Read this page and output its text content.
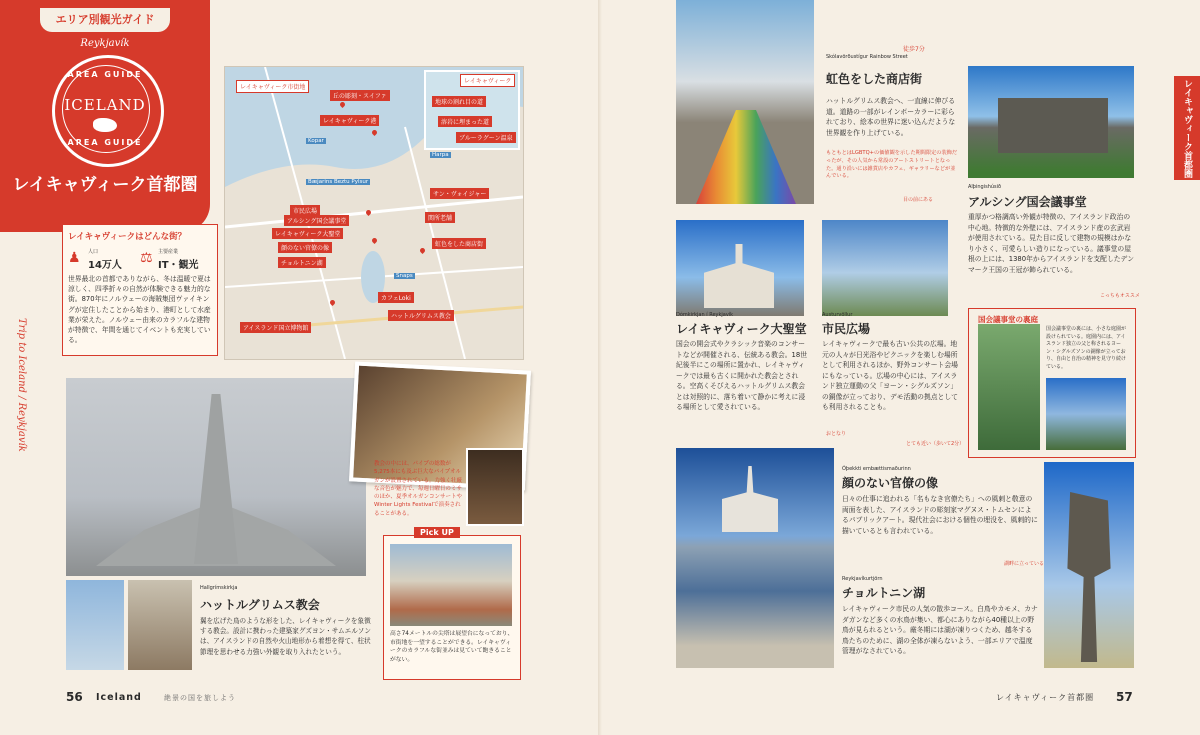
エリア別観光ガイド
Reykjavík
AREA GUIDE
ICELAND
AREA GUIDE
レイキャヴィーク首都圏
Trip to Iceland / Reykjavík
レイキャヴィーク市街地
レイキャヴィーク
地球の割れ目の道
溶岩に埋まった道
ブルーラグーン温泉
丘の彫刻・スイファ
レイキャヴィーク港
サン・ヴォイジャー
市民広場
アルシング国会議事堂
レイキャヴィーク大聖堂
顔のない官僚の像
チョルトニン湖
関所老舗
虹色をした商店街
カフェLoki
ハットルグリムス教会
アイスランド国立博物館
Kopar
Harpa
Bæjarins Beztu Pylsur
Snaps
レイキャヴィークはどんな街？
♟ 人口
14万人 ⚖ 主要産業
IT・観光
世界最北の首都でありながら、冬は温暖で夏は涼しく、四季折々の自然が体験できる魅力的な街。870年にノルウェーの海賊集団ヴァイキングが定住したことから始まり、港町として水産業が栄えた。ノルウェー由来のカラフルな建物が特徴で、年間を通じてイベントも充実している。
教会の中には、パイプの総数が5,275本にも及ぶ巨大なパイプオルガンが設置されている。力強く壮厳な音色が魅力で、毎週日曜日のミサのほか、夏季オルガンコンサートやWinter Lights Festivalで演奏されることがある。
Pick UP
高さ74メートルの尖塔は展望台になっており、市街地を一望することができる。レイキャヴィークのカラフルな街並みは見ていて飽きることがない。
Hallgrímskirkja
ハットルグリムス教会
翼を広げた鳥のような形をした、レイキャヴィークを象徴する教会。設計に携わった建築家グズヨン・サムエルソンは、アイスランドの自然や火山地形から着想を得て、柱状節理を思わせる力強い外観を取り入れたという。
56 Iceland	絶景の国を旅しよう
Skólavörðustígur Rainbow Street
虹色をした商店街
ハットルグリムス教会へ、一直線に伸びる道。道路の一部がレインボーカラーに彩られており、絵本の世界に迷い込んだような世界観を作り上げている。
もともとはLGBTQ+の価値観を示した期間限定の装飾だったが、その人気から常設のアートストリートとなった。通り沿いには雑貨店やカフェ、ギャラリーなどが並んでいる。
徒歩7分
Alþingishúsið
アルシング国会議事堂
重厚かつ格調高い外観が特徴の、アイスランド政治の中心地。特徴的な外壁には、アイスランド産の玄武岩が使用されている。見た目に反して建物の規模はかなり小さく、可愛らしい造りになっている。議事堂の屋根の上には、1380年からアイスランドを支配したデンマーク王国の王冠が飾られている。
国会議事堂の裏庭
国会議事堂の裏には、小さな庭園が設けられている。庭園内には、アイスランド独立の父と称されるヨーン・シグルズソンの銅像が立っており、自由と自治の精神を見守り続けている。
こっちもオススメ
レイキャヴィーク首都圏
目の前にある
Dómkirkjan í Reykjavík
レイキャヴィーク大聖堂
国会の開会式やクラシック音楽のコンサートなどが開催される、伝統ある教会。18世紀後半にこの場所に置かれ、レイキャヴィークでは最も古くに開かれた教会とされる。空高くそびえるハットルグリムス教会とは対照的に、落ち着いて静かに考えに浸る場所として愛されている。
Austurvöllur
市民広場
レイキャヴィークで最も古い公共の広場。地元の人々が日光浴やピクニックを楽しむ場所として利用されるほか、野外コンサート会場にもなっている。広場の中心には、アイスランド独立運動の父「ヨーン・シグルズソン」の銅像が立っており、デモ活動の拠点としても利用されることも。
おとなり
とても近い（歩いて2分）
Óþekkti embættismaðurinn
顔のない官僚の像
日々の仕事に追われる「名もなき官僚たち」への風刺と敬意の両面を表した、アイスランドの彫刻家マグヌス・トムセンによるパブリックアート。現代社会における個性の埋没を、風刺的に描いているとも言われている。
Reykjavíkurtjörn
チョルトニン湖
レイキャヴィーク市民の人気の散歩コース。白鳥やカモメ、カナダガンなど多くの水鳥が集い、都心にありながら40種以上の野鳥が見られるという。厳冬期には湖が凍りつくため、越冬する鳥たちのために、湖の全体が凍らないよう、一部エリアで温度管理がなされている。
湖畔に立っている
レイキャヴィーク首都圏 57
